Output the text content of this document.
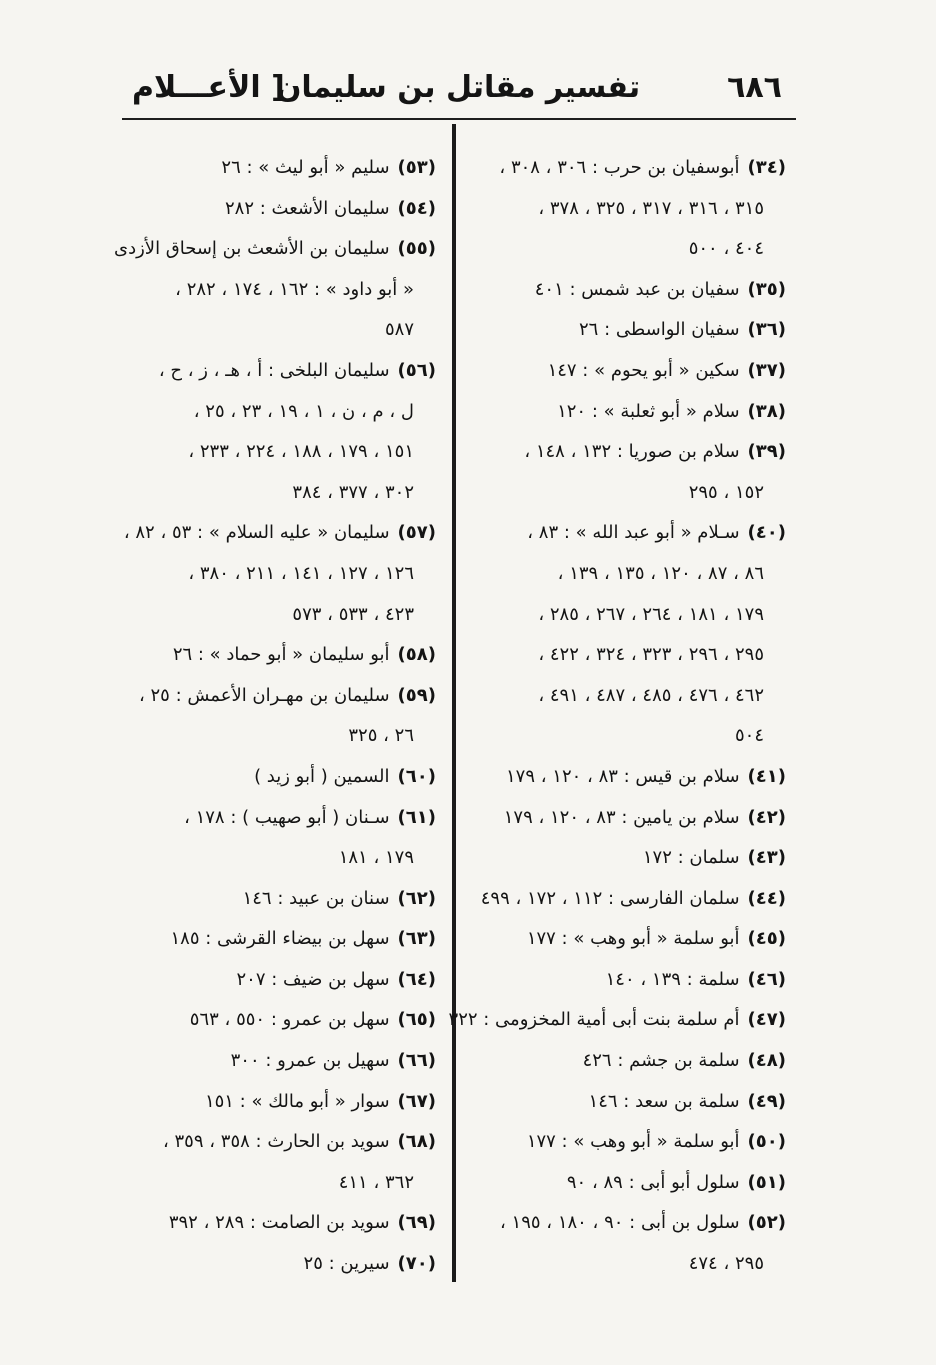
٦٨٦
تفسير مقاتل بن سليمان
[ الأعـــلام
(٣٤)أبوسفيان بن حرب : ٣٠٦ ، ٣٠٨ ،
٣١٥ ، ٣١٦ ، ٣١٧ ، ٣٢٥ ، ٣٧٨ ،
٤٠٤ ، ٥٠٠
(٣٥)سفيان بن عبد شمس : ٤٠١
(٣٦)سفيان الواسطى : ٢٦
(٣٧)سكين « أبو يحوم » : ١٤٧
(٣٨)سلام « أبو ثعلبة » : ١٢٠
(٣٩)سلام بن صوريا : ١٣٢ ، ١٤٨ ،
١٥٢ ، ٢٩٥
(٤٠)سـلام « أبو عبد الله » : ٨٣ ،
٨٦ ، ٨٧ ، ١٢٠ ، ١٣٥ ، ١٣٩ ،
١٧٩ ، ١٨١ ، ٢٦٤ ، ٢٦٧ ، ٢٨٥ ،
٢٩٥ ، ٢٩٦ ، ٣٢٣ ، ٣٢٤ ، ٤٢٢ ،
٤٦٢ ، ٤٧٦ ، ٤٨٥ ، ٤٨٧ ، ٤٩١ ،
٥٠٤
(٤١)سلام بن قيس : ٨٣ ، ١٢٠ ، ١٧٩
(٤٢)سلام بن يامين : ٨٣ ، ١٢٠ ، ١٧٩
(٤٣)سلمان : ١٧٢
(٤٤)سلمان الفارسى : ١١٢ ، ١٧٢ ، ٤٩٩
(٤٥)أبو سلمة « أبو وهب » : ١٧٧
(٤٦)سلمة : ١٣٩ ، ١٤٠
(٤٧)أم سلمة بنت أبى أمية المخزومى : ٣٢٢
(٤٨)سلمة بن جشم : ٤٢٦
(٤٩)سلمة بن سعد : ١٤٦
(٥٠)أبو سلمة « أبو وهب » : ١٧٧
(٥١)سلول أبو أبى : ٨٩ ، ٩٠
(٥٢)سلول بن أبى : ٩٠ ، ١٨٠ ، ١٩٥ ،
٢٩٥ ، ٤٧٤
(٥٣)سليم « أبو ليث » : ٢٦
(٥٤)سليمان الأشعث : ٢٨٢
(٥٥)سليمان بن الأشعث بن إسحاق الأزدى
« أبو داود » : ١٦٢ ، ١٧٤ ، ٢٨٢ ،
٥٨٧
(٥٦)سليمان البلخى : أ ، هـ ، ز ، ح ،
ل ، م ، ن ، ١ ، ١٩ ، ٢٣ ، ٢٥ ،
١٥١ ، ١٧٩ ، ١٨٨ ، ٢٢٤ ، ٢٣٣ ،
٣٠٢ ، ٣٧٧ ، ٣٨٤
(٥٧)سليمان « عليه السلام » : ٥٣ ، ٨٢ ،
١٢٦ ، ١٢٧ ، ١٤١ ، ٢١١ ، ٣٨٠ ،
٤٢٣ ، ٥٣٣ ، ٥٧٣
(٥٨)أبو سليمان « أبو حماد » : ٢٦
(٥٩)سليمان بن مهـران الأعمش : ٢٥ ،
٢٦ ، ٣٢٥
(٦٠)السمين ( أبو زيد )
(٦١)سـنان ( أبو صهيب ) : ١٧٨ ،
١٧٩ ، ١٨١
(٦٢)سنان بن عبيد : ١٤٦
(٦٣)سهل بن بيضاء القرشى : ١٨٥
(٦٤)سهل بن ضيف : ٢٠٧
(٦٥)سهل بن عمرو : ٥٥٠ ، ٥٦٣
(٦٦)سهيل بن عمرو : ٣٠٠
(٦٧)سوار « أبو مالك » : ١٥١
(٦٨)سويد بن الحارث : ٣٥٨ ، ٣٥٩ ،
٣٦٢ ، ٤١١
(٦٩)سويد بن الصامت : ٢٨٩ ، ٣٩٢
(٧٠)سيرين : ٢٥
